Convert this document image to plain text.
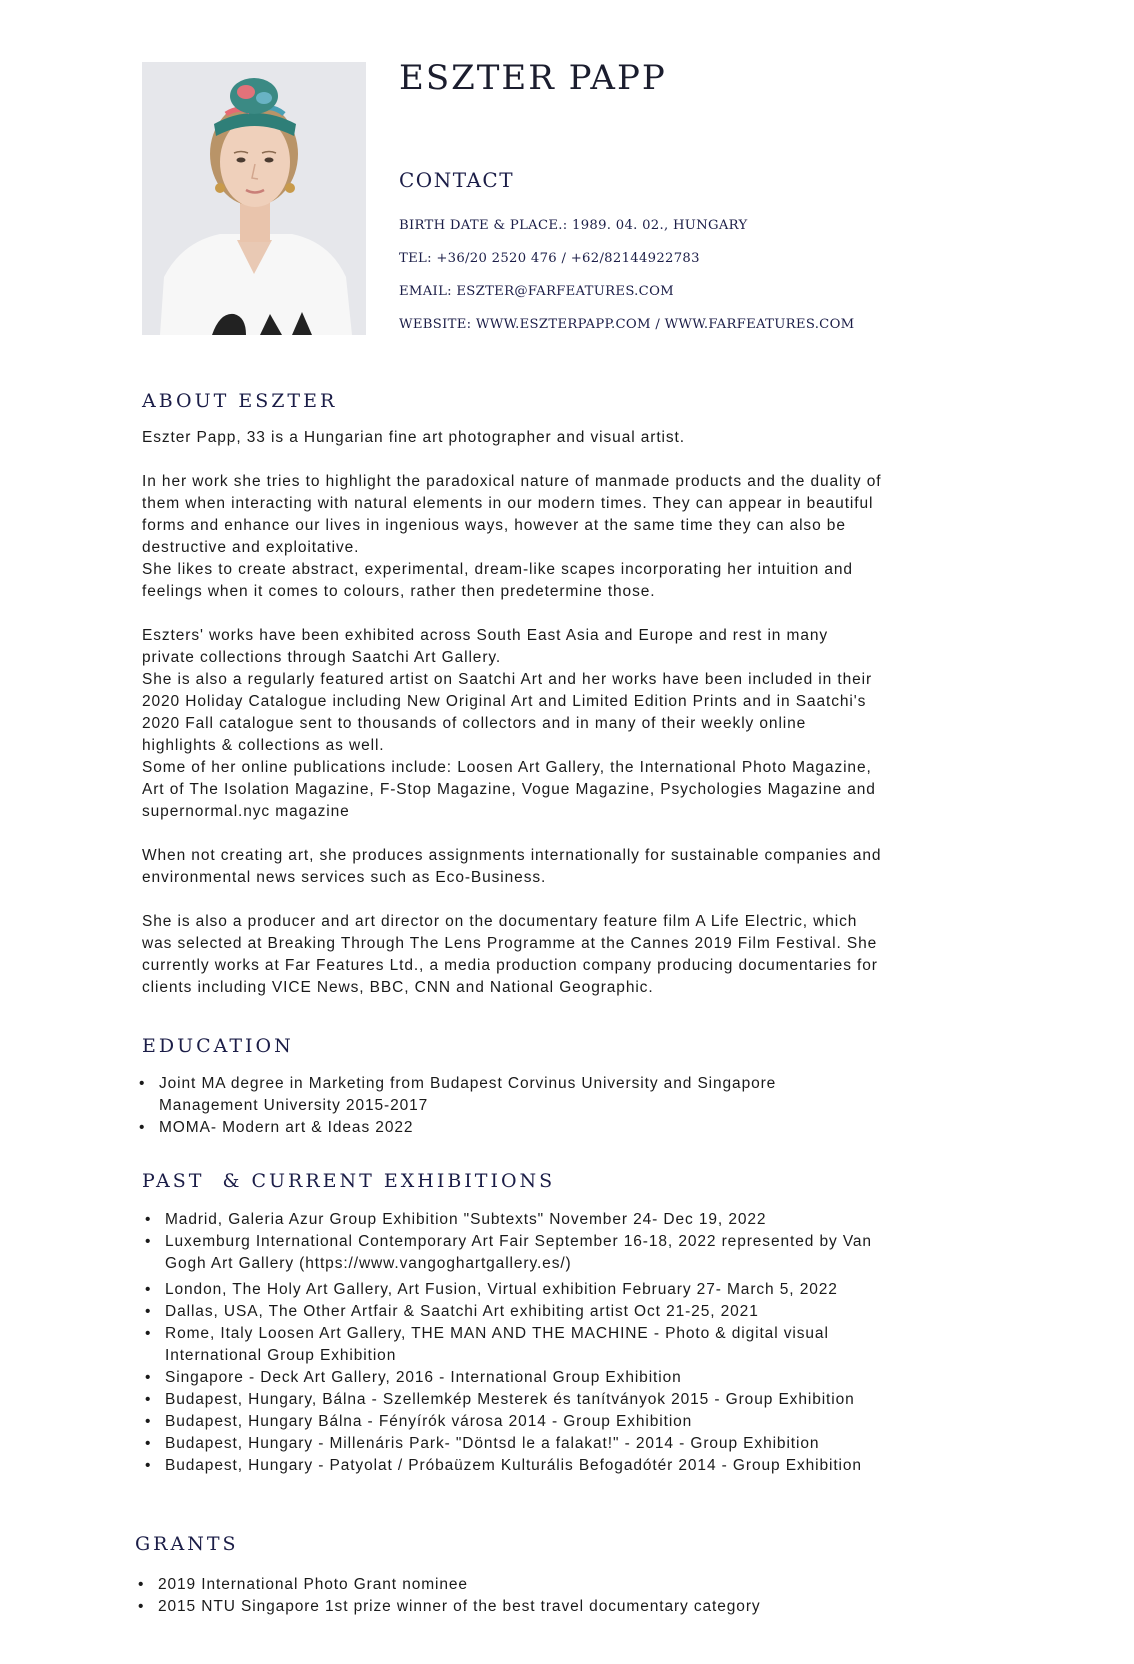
ESZTER PAPP
CONTACT

BIRTH DATE & PLACE.: 1989. 04. 02., HUNGARY

TEL: +36/20 2520 476 / +62/82144922783

EMAIL: ESZTER@FARFEATURES.COM

WEBSITE: WWW.ESZTERPAPP.COM / WWW.FARFEATURES.COM

ABOUT ESZTER

Eszter Papp, 33 is a Hungarian fine art photographer and visual artist.

In her work she tries to highlight the paradoxical nature of manmade products and the duality of
them when interacting with natural elements in our modern times. They can appear in beautiful
forms and enhance our lives in ingenious ways, however at the same time they can also be
destructive and exploitative.
She likes to create abstract, experimental, dream-like scapes incorporating her intuition and
feelings when it comes to colours, rather then predetermine those.

Eszters' works have been exhibited across South East Asia and Europe and rest in many
private collections through Saatchi Art Gallery.
She is also a regularly featured artist on Saatchi Art and her works have been included in their
2020 Holiday Catalogue including New Original Art and Limited Edition Prints and in Saatchi's
2020 Fall catalogue sent to thousands of collectors and in many of their weekly online
highlights & collections as well.
Some of her online publications include: Loosen Art Gallery, the International Photo Magazine,
Art of The Isolation Magazine, F-Stop Magazine, Vogue Magazine, Psychologies Magazine and
supernormal.nyc magazine

When not creating art, she produces assignments internationally for sustainable companies and
environmental news services such as Eco-Business.

She is also a producer and art director on the documentary feature film A Life Electric, which
was selected at Breaking Through The Lens Programme at the Cannes 2019 Film Festival. She
currently works at Far Features Ltd., a media production company producing documentaries for
clients including VICE News, BBC, CNN and National Geographic.

EDUCATION
• Joint MA degree in Marketing from Budapest Corvinus University and Singapore
Management University 2015-2017
• MOMA- Modern art & Ideas 2022
PAST  & CURRENT EXHIBITIONS
• Madrid, Galeria Azur Group Exhibition "Subtexts" November 24- Dec 19, 2022
• Luxemburg International Contemporary Art Fair September 16-18, 2022 represented by Van
Gogh Art Gallery (https://www.vangoghartgallery.es/)
• London, The Holy Art Gallery, Art Fusion, Virtual exhibition February 27- March 5, 2022
• Dallas, USA, The Other Artfair & Saatchi Art exhibiting artist Oct 21-25, 2021
• Rome, Italy Loosen Art Gallery, THE MAN AND THE MACHINE - Photo & digital visual
International Group Exhibition
• Singapore - Deck Art Gallery, 2016 - International Group Exhibition
• Budapest, Hungary, Bálna - Szellemkép Mesterek és tanítványok 2015 - Group Exhibition
• Budapest, Hungary Bálna - Fényírók városa 2014 - Group Exhibition
• Budapest, Hungary - Millenáris Park- "Döntsd le a falakat!" - 2014 - Group Exhibition
• Budapest, Hungary - Patyolat / Próbaüzem Kulturális Befogadótér 2014 - Group Exhibition
GRANTS
• 2019 International Photo Grant nominee
• 2015 NTU Singapore 1st prize winner of the best travel documentary category
